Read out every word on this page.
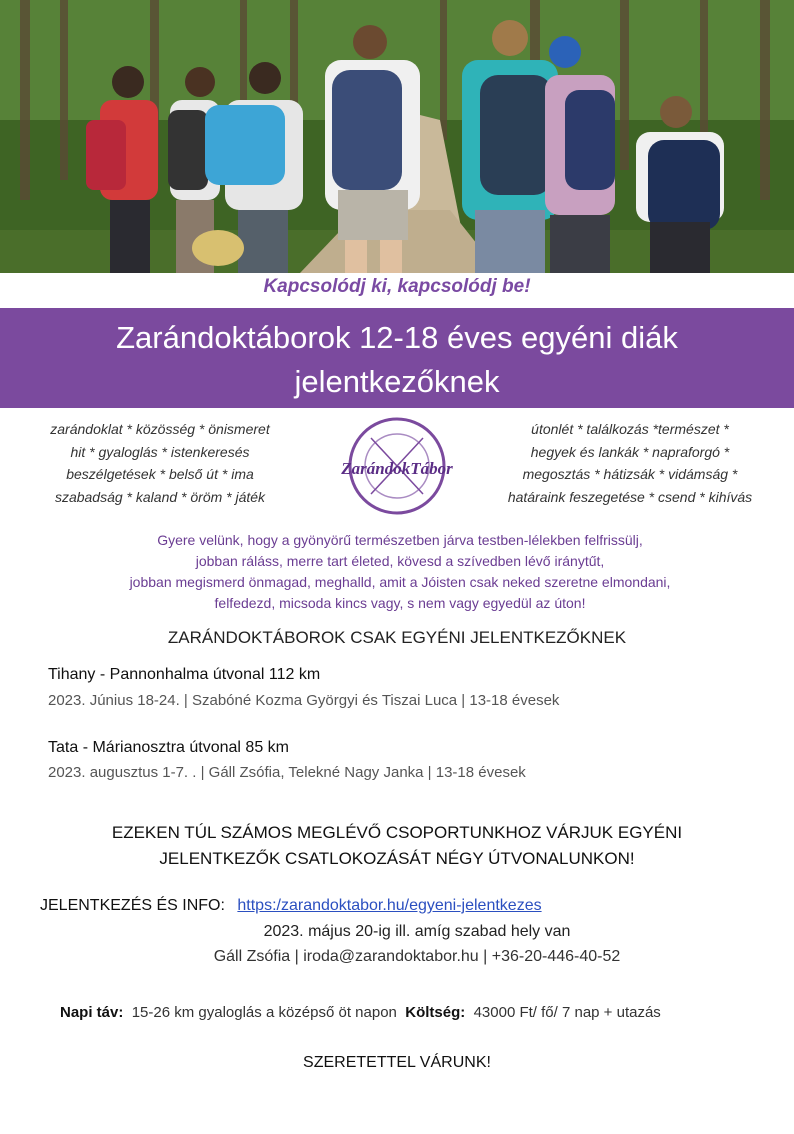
Kapcsolódj ki, kapcsolódj be!
Zarándoktáborok 12-18 éves egyéni diák
jelentkezőknek
zarándoklat * közösség * önismeret
hit * gyaloglás * istenkeresés
beszélgetések * belső út * ima
szabadság * kaland * öröm * játék
ZarándokTábor
útonlét * találkozás *természet *
hegyek és lankák * napraforgó *
megosztás * hátizsák * vidámság *
határaink feszegetése * csend * kihívás
Gyere velünk, hogy a gyönyörű természetben járva testben-lélekben felfrissülj,
jobban ráláss, merre tart életed, kövesd a szívedben lévő iránytűt,
jobban megismerd önmagad, meghalld, amit a Jóisten csak neked szeretne elmondani,
felfedezd, micsoda kincs vagy, s nem vagy egyedül az úton!
ZARÁNDOKTÁBOROK CSAK EGYÉNI JELENTKEZŐKNEK
Tihany - Pannonhalma útvonal 112 km
2023. Június 18-24. | Szabóné Kozma Györgyi és Tiszai Luca | 13-18 évesek
Tata - Márianosztra útvonal 85 km
2023. augusztus 1-7. . | Gáll Zsófia, Telekné Nagy Janka | 13-18 évesek
EZEKEN TÚL SZÁMOS MEGLÉVŐ CSOPORTUNKHOZ VÁRJUK EGYÉNI
JELENTKEZŐK CSATLOKOZÁSÁT NÉGY ÚTVONALUNKON!
JELENTKEZÉS ÉS INFO: https:/zarandoktabor.hu/egyeni-jelentkezes
2023. május 20-ig ill. amíg szabad hely van
Gáll Zsófia | iroda@zarandoktabor.hu | +36-20-446-40-52
Napi táv: 15-26 km gyaloglás a középső öt napon Költség: 43000 Ft/ fő/ 7 nap + utazás
SZERETETTEL VÁRUNK!
